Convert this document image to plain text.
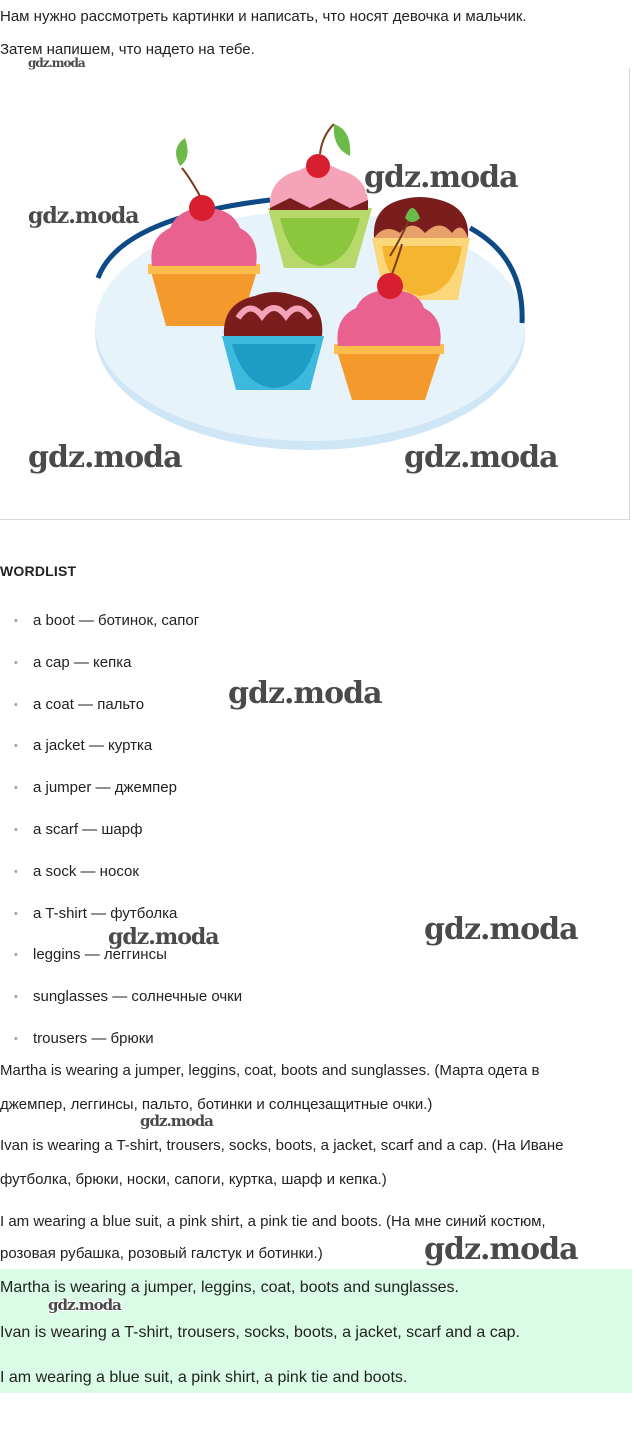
Нам нужно рассмотреть картинки и написать, что носят девочка и мальчик.

Затем напишем, что надето на тебе.

gdz.moda
gdz.moda
gdz.moda
gdz.moda	gdz.moda
WORDLIST
• a boot — ботинок, сапог
• a cap — кепка
• a coat — пальто
• a jacket — куртка
• a jumper — джемпер
• a scarf — шарф
• a sock — носок
• a T-shirt — футболка
• leggins — леггинсы
• sunglasses — солнечные очки
• trousers — брюки
gdz.moda
gdz.moda
gdz.moda

Martha is wearing a jumper, leggins, coat, boots and sunglasses. (Марта одета в

джемпер, леггинсы, пальто, ботинки и солнцезащитные очки.)

gdz.moda

Ivan is wearing a T-shirt, trousers, socks, boots, a jacket, scarf and a cap. (На Иване

футболка, брюки, носки, сапоги, куртка, шарф и кепка.)

I am wearing a blue suit, a pink shirt, a pink tie and boots. (На мне синий костюм,

розовая рубашка, розовый галстук и ботинки.)	gdz.moda

Martha is wearing a jumper, leggins, coat, boots and sunglasses.

gdz.moda

Ivan is wearing a T-shirt, trousers, socks, boots, a jacket, scarf and a cap.

I am wearing a blue suit, a pink shirt, a pink tie and boots.
